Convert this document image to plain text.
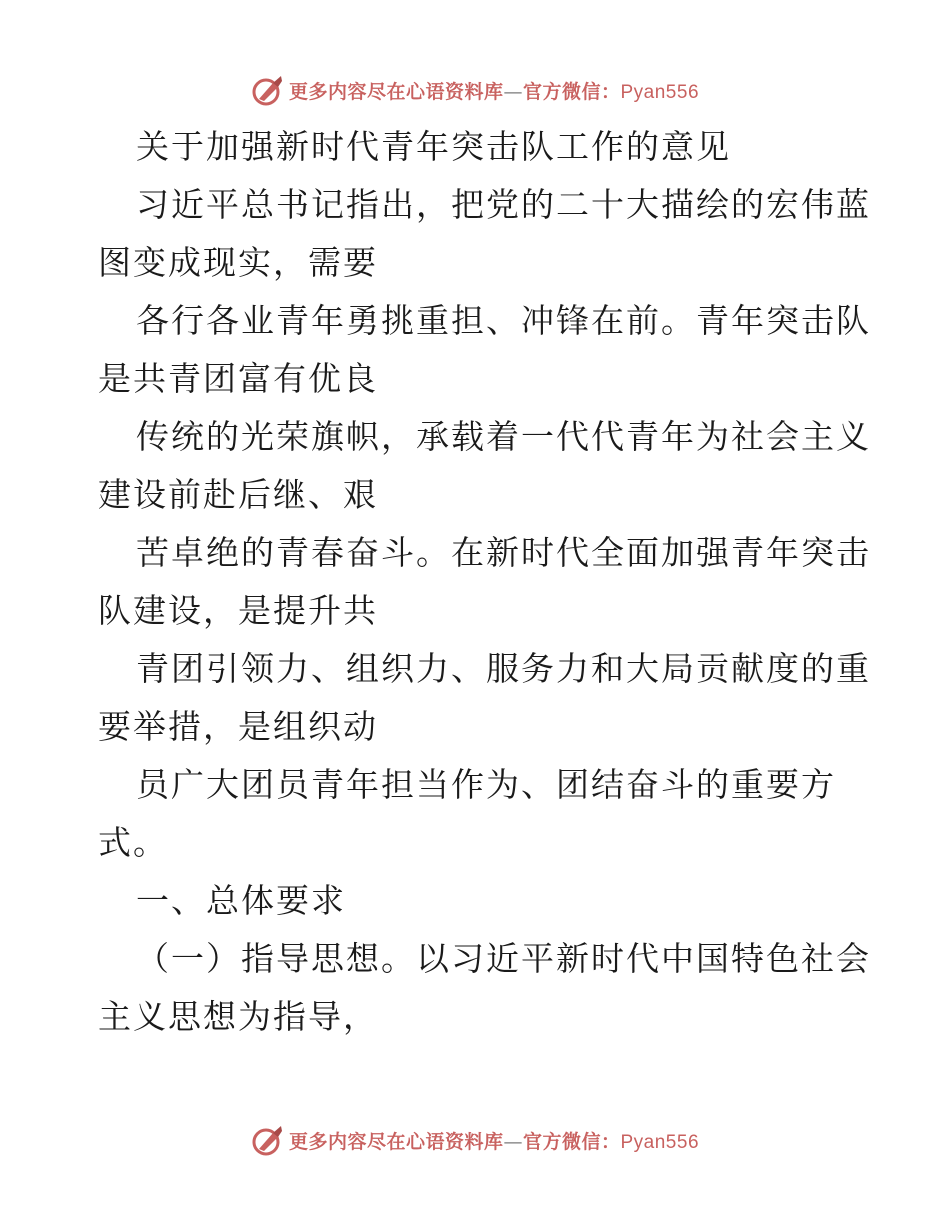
更多内容尽在心语资料库—官方微信：Pyan556
关于加强新时代青年突击队工作的意见
习近平总书记指出，把党的二十大描绘的宏伟蓝
图变成现实，需要
各行各业青年勇挑重担、冲锋在前。青年突击队
是共青团富有优良
传统的光荣旗帜，承载着一代代青年为社会主义
建设前赴后继、艰
苦卓绝的青春奋斗。在新时代全面加强青年突击
队建设，是提升共
青团引领力、组织力、服务力和大局贡献度的重
要举措，是组织动
员广大团员青年担当作为、团结奋斗的重要方
式。
一、总体要求
（一）指导思想。以习近平新时代中国特色社会
主义思想为指导，
更多内容尽在心语资料库—官方微信：Pyan556
